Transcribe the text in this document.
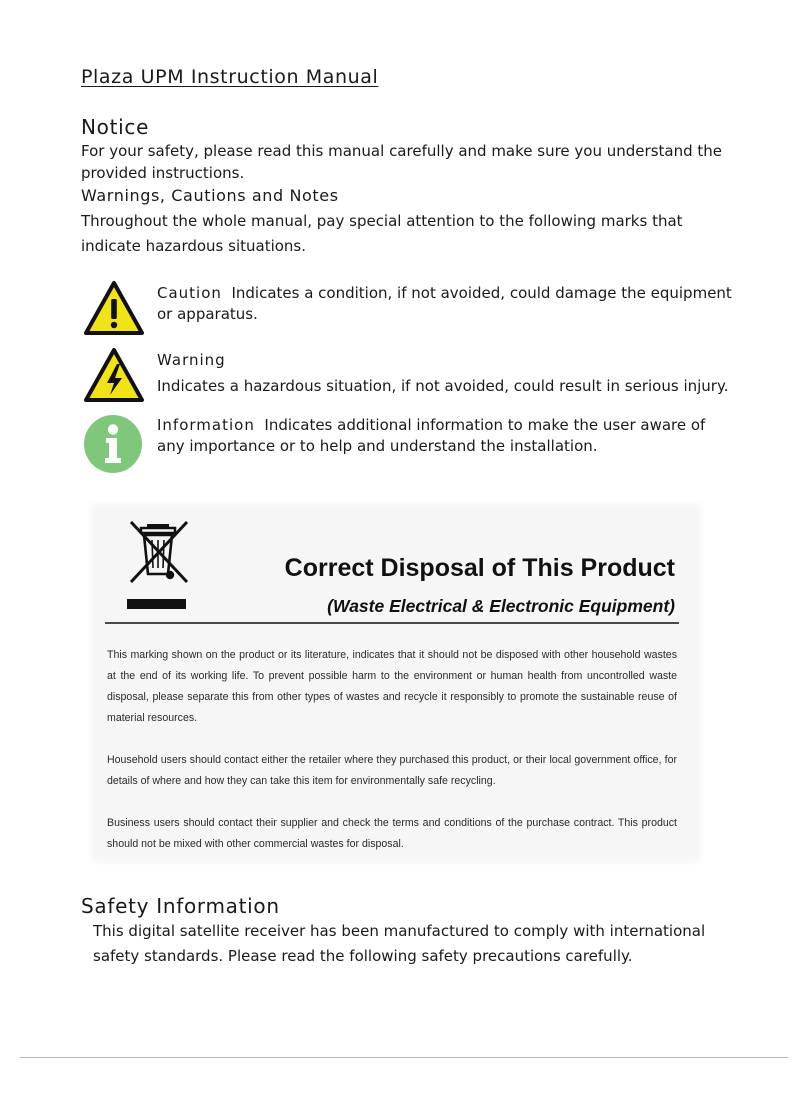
Plaza UPM Instruction Manual
Notice
For your safety, please read this manual carefully and make sure you understand the provided instructions.
Warnings, Cautions and Notes
Throughout the whole manual, pay special attention to the following marks that indicate hazardous situations.
Caution Indicates a condition, if not avoided, could damage the equipment or apparatus.
Warning
Indicates a hazardous situation, if not avoided, could result in serious injury.
Information Indicates additional information to make the user aware of any importance or to help and understand the installation.
Correct Disposal of This Product
(Waste Electrical & Electronic Equipment)
This marking shown on the product or its literature, indicates that it should not be disposed with other household wastes at the end of its working life. To prevent possible harm to the environment or human health from uncontrolled waste disposal, please separate this from other types of wastes and recycle it responsibly to promote the sustainable reuse of material resources.
Household users should contact either the retailer where they purchased this product, or their local government office, for details of where and how they can take this item for environmentally safe recycling.
Business users should contact their supplier and check the terms and conditions of the purchase contract. This product should not be mixed with other commercial wastes for disposal.
Safety Information
This digital satellite receiver has been manufactured to comply with international safety standards. Please read the following safety precautions carefully.
